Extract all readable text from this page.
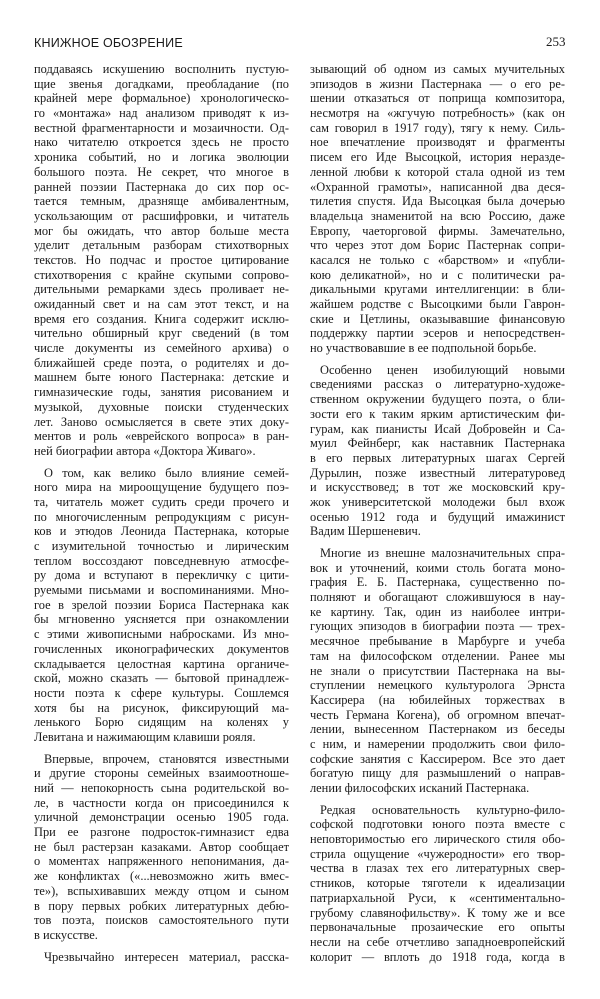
КНИЖНОЕ ОБОЗРЕНИЕ	253
поддаваясь искушению восполнить пустую-
щие звенья догадками, преобладание (по
крайней мере формальное) хронологическо-
го «монтажа» над анализом приводят к из-
вестной фрагментарности и мозаичности. Од-
нако читателю откроется здесь не просто
хроника событий, но и логика эволюции
большого поэта. Не секрет, что многое в
ранней поэзии Пастернака до сих пор ос-
тается темным, дразняще амбивалентным,
ускользающим от расшифровки, и читатель
мог бы ожидать, что автор больше места
уделит детальным разборам стихотворных
текстов. Но подчас и простое цитирование
стихотворения с крайне скупыми сопрово-
дительными ремарками здесь проливает не-
ожиданный свет и на сам этот текст, и на
время его создания. Книга содержит исклю-
чительно обширный круг сведений (в том
числе документы из семейного архива) о
ближайшей среде поэта, о родителях и до-
машнем быте юного Пастернака: детские и
гимназические годы, занятия рисованием и
музыкой, духовные поиски студенческих
лет. Заново осмысляется в свете этих доку-
ментов и роль «еврейского вопроса» в ран-
ней биографии автора «Доктора Живаго».
О том, как велико было влияние семей-
ного мира на мироощущение будущего поэ-
та, читатель может судить среди прочего и
по многочисленным репродукциям с рисун-
ков и этюдов Леонида Пастернака, которые
с изумительной точностью и лирическим
теплом воссоздают повседневную атмосфе-
ру дома и вступают в перекличку с цити-
руемыми письмами и воспоминаниями. Мно-
гое в зрелой поэзии Бориса Пастернака как
бы мгновенно уясняется при ознакомлении
с этими живописными набросками. Из мно-
гочисленных иконографических документов
складывается целостная картина органиче-
ской, можно сказать — бытовой принадлеж-
ности поэта к сфере культуры. Сошлемся
хотя бы на рисунок, фиксирующий ма-
ленького Борю сидящим на коленях у
Левитана и нажимающим клавиши рояля.
Впервые, впрочем, становятся известными
и другие стороны семейных взаимоотноше-
ний — непокорность сына родительской во-
ле, в частности когда он присоединился к
уличной демонстрации осенью 1905 года.
При ее разгоне подросток-гимназист едва
не был растерзан казаками. Автор сообщает
о моментах напряженного непонимания, да-
же конфликтах («...невозможно жить вмес-
те»), вспыхивавших между отцом и сыном
в пору первых робких литературных дебю-
тов поэта, поисков самостоятельного пути
в искусстве.
Чрезвычайно интересен материал, расска-
зывающий об одном из самых мучительных
эпизодов в жизни Пастернака — о его ре-
шении отказаться от поприща композитора,
несмотря на «жгучую потребность» (как он
сам говорил в 1917 году), тягу к нему. Силь-
ное впечатление производят и фрагменты
писем его Иде Высоцкой, история неразде-
ленной любви к которой стала одной из тем
«Охранной грамоты», написанной два деся-
тилетия спустя. Ида Высоцкая была дочерью
владельца знаменитой на всю Россию, даже
Европу, чаеторговой фирмы. Замечательно,
что через этот дом Борис Пастернак сопри-
касался не только с «барством» и «публи-
кою деликатной», но и с политически ра-
дикальными кругами интеллигенции: в бли-
жайшем родстве с Высоцкими были Гаврон-
ские и Цетлины, оказывавшие финансовую
поддержку партии эсеров и непосредствен-
но участвовавшие в ее подпольной борьбе.
Особенно ценен изобилующий новыми
сведениями рассказ о литературно-художе-
ственном окружении будущего поэта, о бли-
зости его к таким ярким артистическим фи-
гурам, как пианисты Исай Добровейн и Са-
муил Фейнберг, как наставник Пастернака
в его первых литературных шагах Сергей
Дурылин, позже известный литературовед
и искусствовед; в тот же московский кру-
жок университетской молодежи был вхож
осенью 1912 года и будущий имажинист
Вадим Шершеневич.
Многие из внешне малозначительных спра-
вок и уточнений, коими столь богата моно-
графия Е. Б. Пастернака, существенно по-
полняют и обогащают сложившуюся в нау-
ке картину. Так, один из наиболее интри-
гующих эпизодов в биографии поэта — трех-
месячное пребывание в Марбурге и учеба
там на философском отделении. Ранее мы
не знали о присутствии Пастернака на вы-
ступлении немецкого культуролога Эрнста
Кассирера (на юбилейных торжествах в
честь Германа Когена), об огромном впечат-
лении, вынесенном Пастернаком из беседы
с ним, и намерении продолжить свои фило-
софские занятия с Кассирером. Все это дает
богатую пищу для размышлений о направ-
лении философских исканий Пастернака.
Редкая основательность культурно-фило-
софской подготовки юного поэта вместе с
неповторимостью его лирического стиля обо-
стрила ощущение «чужеродности» его твор-
чества в глазах тех его литературных свер-
стников, которые тяготели к идеализации
патриархальной Руси, к «сентиментально-
грубому славянофильству». К тому же и все
первоначальные прозаические его опыты
несли на себе отчетливо западноевропейский
колорит — вплоть до 1918 года, когда в
